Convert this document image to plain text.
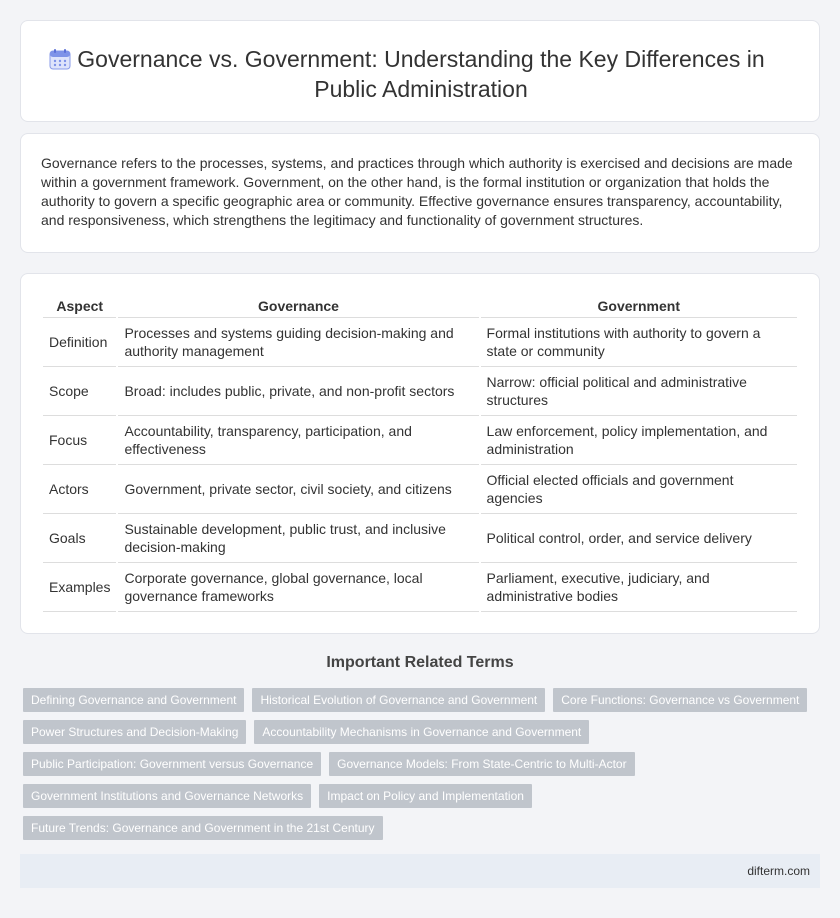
Governance vs. Government: Understanding the Key Differences in Public Administration

Governance refers to the processes, systems, and practices through which authority is exercised and decisions are made within a government framework. Government, on the other hand, is the formal institution or organization that holds the authority to govern a specific geographic area or community. Effective governance ensures transparency, accountability, and responsiveness, which strengthens the legitimacy and functionality of government structures.

Aspect	Governance	Government
Definition	Processes and systems guiding decision-making and authority management	Formal institutions with authority to govern a state or community
Scope	Broad: includes public, private, and non-profit sectors	Narrow: official political and administrative structures
Focus	Accountability, transparency, participation, and effectiveness	Law enforcement, policy implementation, and administration
Actors	Government, private sector, civil society, and citizens	Official elected officials and government agencies
Goals	Sustainable development, public trust, and inclusive decision-making	Political control, order, and service delivery
Examples	Corporate governance, global governance, local governance frameworks	Parliament, executive, judiciary, and administrative bodies
Important Related Terms
Defining Governance and Government	Historical Evolution of Governance and Government	Core Functions: Governance vs Government
Power Structures and Decision-Making	Accountability Mechanisms in Governance and Government
Public Participation: Government versus Governance	Governance Models: From State-Centric to Multi-Actor
Government Institutions and Governance Networks	Impact on Policy and Implementation
Future Trends: Governance and Government in the 21st Century
difterm.com
